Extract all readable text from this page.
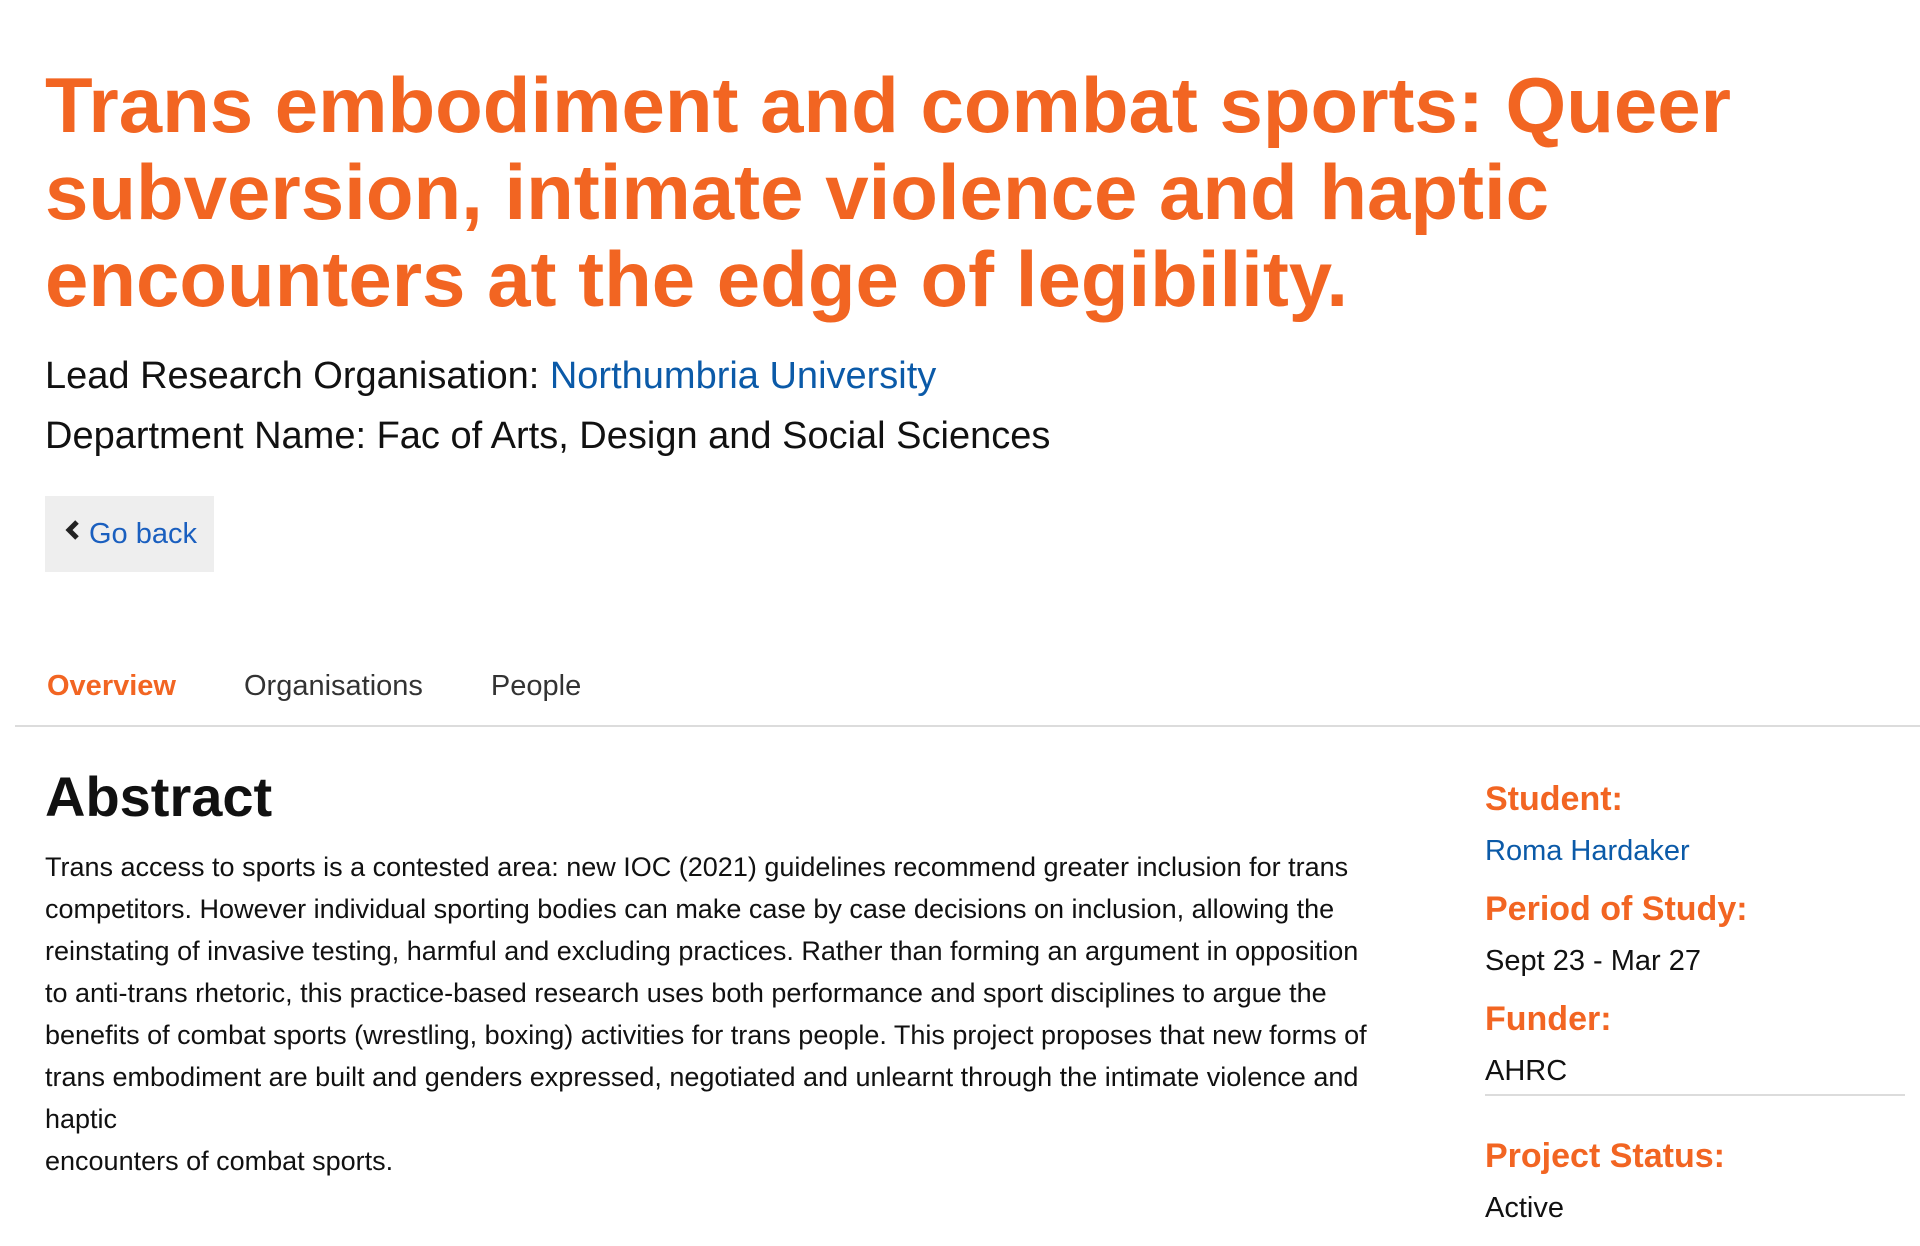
Trans embodiment and combat sports: Queer subversion, intimate violence and haptic encounters at the edge of legibility.

Lead Research Organisation: Northumbria University

Department Name: Fac of Arts, Design and Social Sciences

Go back
Overview Organisations People
Abstract
Trans access to sports is a contested area: new IOC (2021) guidelines recommend greater inclusion for trans
competitors. However individual sporting bodies can make case by case decisions on inclusion, allowing the
reinstating of invasive testing, harmful and excluding practices. Rather than forming an argument in opposition
to anti-trans rhetoric, this practice-based research uses both performance and sport disciplines to argue the
benefits of combat sports (wrestling, boxing) activities for trans people. This project proposes that new forms of
trans embodiment are built and genders expressed, negotiated and unlearnt through the intimate violence and
haptic
encounters of combat sports.

Student:

Roma Hardaker

Period of Study:

Sept 23 - Mar 27

Funder:

AHRC

Project Status:

Active
